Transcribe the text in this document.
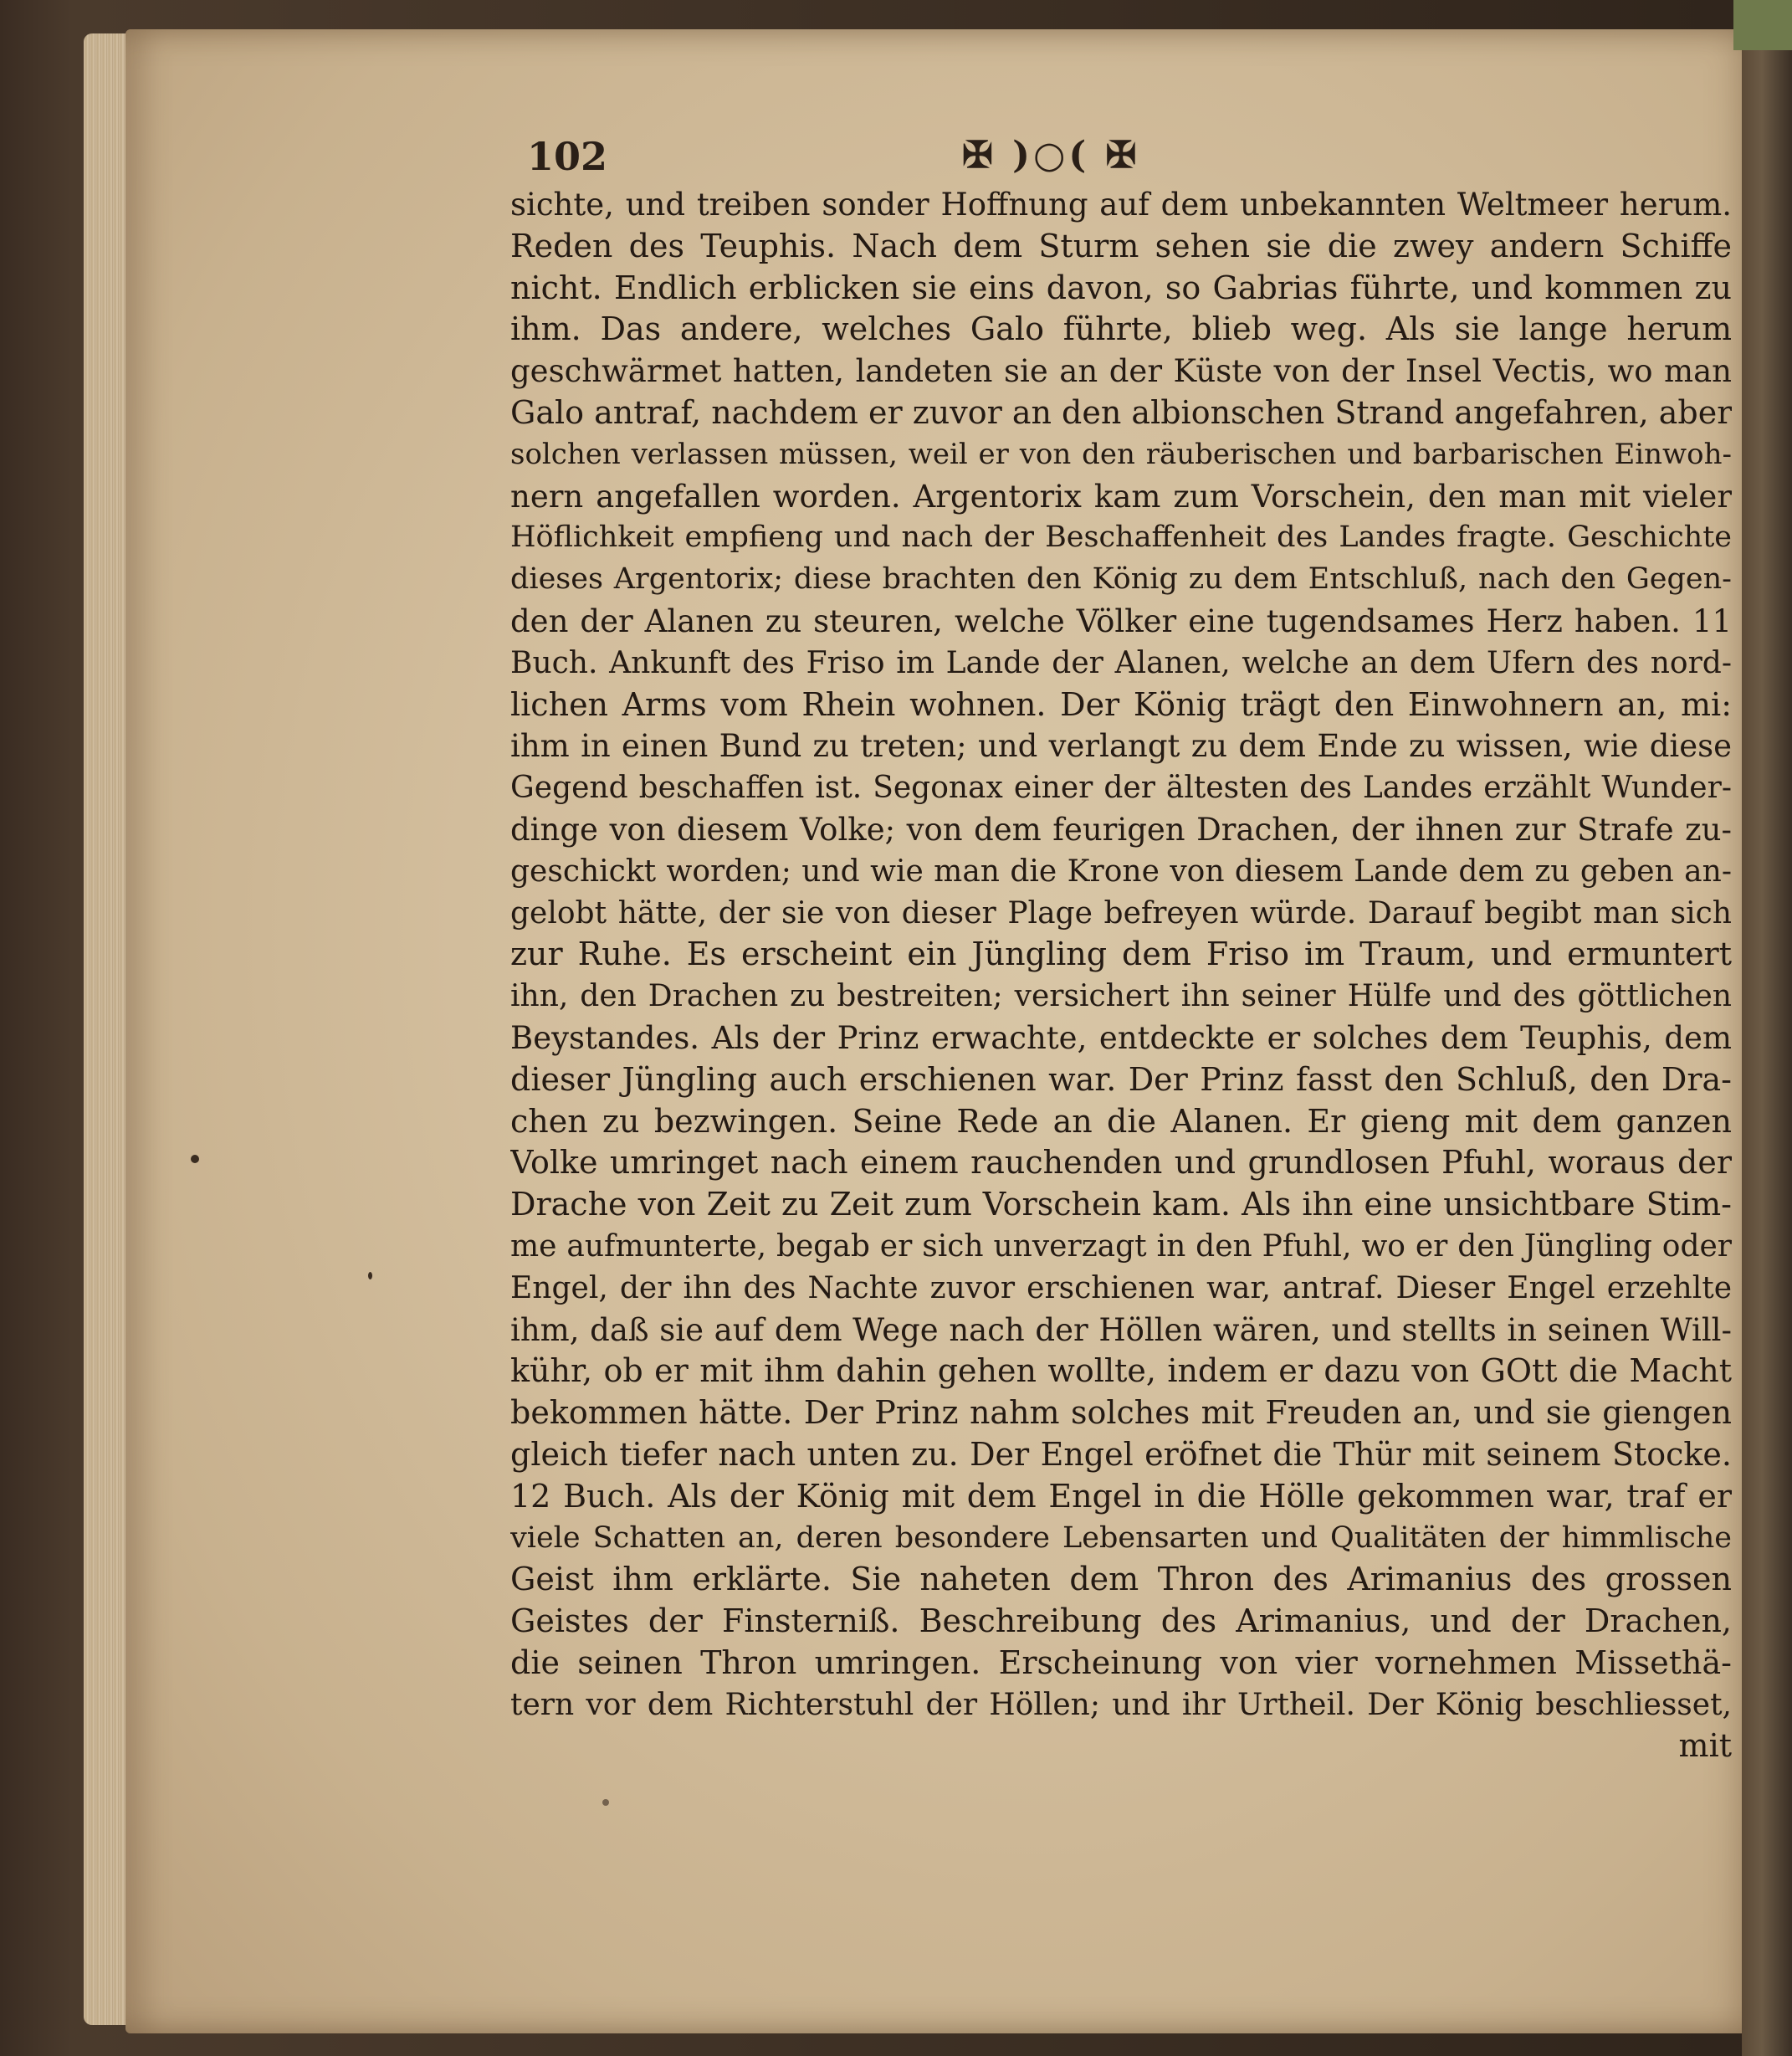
102	✠ )○( ✠
sichte, und treiben sonder Hoffnung auf dem unbekannten Weltmeer herum.
Reden des Teuphis. Nach dem Sturm sehen sie die zwey andern Schiffe
nicht. Endlich erblicken sie eins davon, so Gabrias führte, und kommen zu
ihm. Das andere, welches Galo führte, blieb weg. Als sie lange herum
geschwärmet hatten, landeten sie an der Küste von der Insel Vectis, wo man
Galo antraf, nachdem er zuvor an den albionschen Strand angefahren, aber
solchen verlassen müssen, weil er von den räuberischen und barbarischen Einwoh-
nern angefallen worden. Argentorix kam zum Vorschein, den man mit vieler
Höflichkeit empfieng und nach der Beschaffenheit des Landes fragte. Geschichte
dieses Argentorix; diese brachten den König zu dem Entschluß, nach den Gegen-
den der Alanen zu steuren, welche Völker eine tugendsames Herz haben. 11
Buch. Ankunft des Friso im Lande der Alanen, welche an dem Ufern des nord-
lichen Arms vom Rhein wohnen. Der König trägt den Einwohnern an, mi:
ihm in einen Bund zu treten; und verlangt zu dem Ende zu wissen, wie diese
Gegend beschaffen ist. Segonax einer der ältesten des Landes erzählt Wunder-
dinge von diesem Volke; von dem feurigen Drachen, der ihnen zur Strafe zu-
geschickt worden; und wie man die Krone von diesem Lande dem zu geben an-
gelobt hätte, der sie von dieser Plage befreyen würde. Darauf begibt man sich
zur Ruhe. Es erscheint ein Jüngling dem Friso im Traum, und ermuntert
ihn, den Drachen zu bestreiten; versichert ihn seiner Hülfe und des göttlichen
Beystandes. Als der Prinz erwachte, entdeckte er solches dem Teuphis, dem
dieser Jüngling auch erschienen war. Der Prinz fasst den Schluß, den Dra-
chen zu bezwingen. Seine Rede an die Alanen. Er gieng mit dem ganzen
Volke umringet nach einem rauchenden und grundlosen Pfuhl, woraus der
Drache von Zeit zu Zeit zum Vorschein kam. Als ihn eine unsichtbare Stim-
me aufmunterte, begab er sich unverzagt in den Pfuhl, wo er den Jüngling oder
Engel, der ihn des Nachte zuvor erschienen war, antraf. Dieser Engel erzehlte
ihm, daß sie auf dem Wege nach der Höllen wären, und stellts in seinen Will-
kühr, ob er mit ihm dahin gehen wollte, indem er dazu von GOtt die Macht
bekommen hätte. Der Prinz nahm solches mit Freuden an, und sie giengen
gleich tiefer nach unten zu. Der Engel eröfnet die Thür mit seinem Stocke.
12 Buch. Als der König mit dem Engel in die Hölle gekommen war, traf er
viele Schatten an, deren besondere Lebensarten und Qualitäten der himmlische
Geist ihm erklärte. Sie naheten dem Thron des Arimanius des grossen
Geistes der Finsterniß. Beschreibung des Arimanius, und der Drachen,
die seinen Thron umringen. Erscheinung von vier vornehmen Missethä-
tern vor dem Richterstuhl der Höllen; und ihr Urtheil. Der König beschliesset,
mit
